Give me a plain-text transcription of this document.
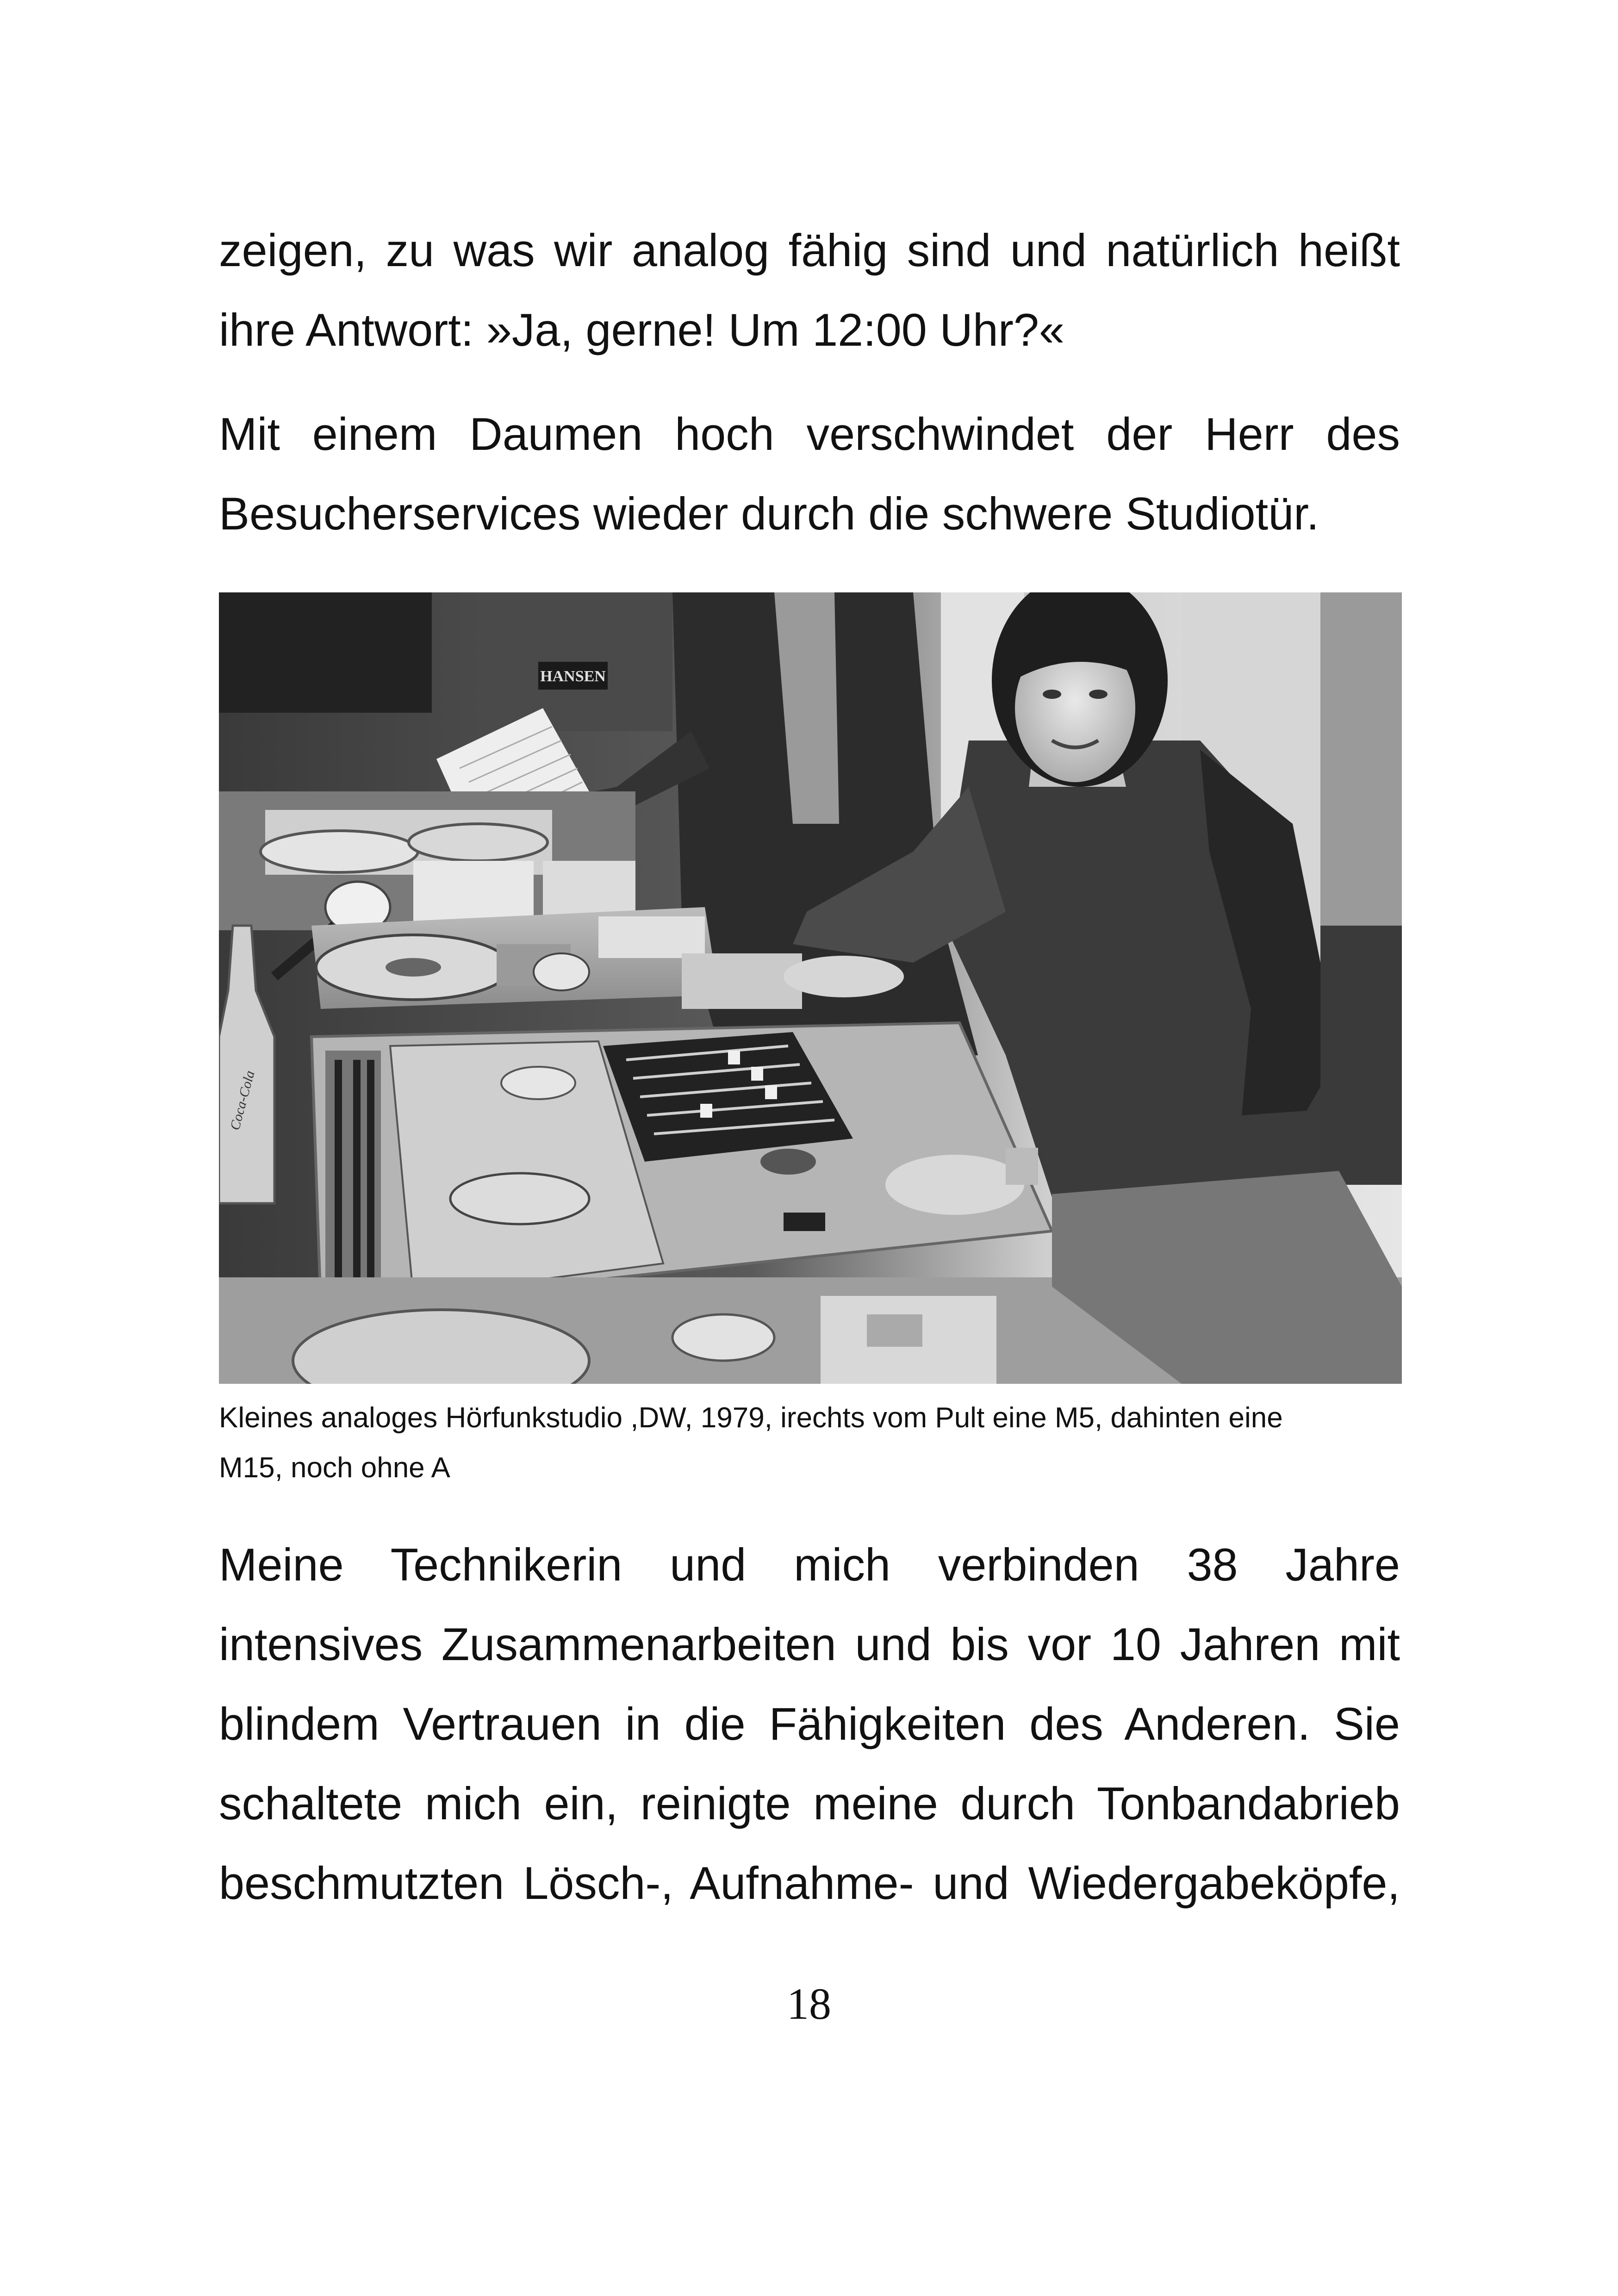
zeigen, zu was wir analog fähig sind und natürlich heißt
ihre Antwort: »Ja, gerne! Um 12:00 Uhr?«
Mit einem Daumen hoch verschwindet der Herr des
Besucherservices wieder durch die schwere Studiotür.
HANSEN
Coca-Cola
Kleines analoges Hörfunkstudio ,DW, 1979, irechts vom Pult eine M5, dahinten eine
M15, noch ohne A
Meine Technikerin und mich verbinden 38 Jahre
intensives Zusammenarbeiten und bis vor 10 Jahren mit
blindem Vertrauen in die Fähigkeiten des Anderen. Sie
schaltete mich ein, reinigte meine durch Tonbandabrieb
beschmutzten Lösch-, Aufnahme- und Wiedergabeköpfe,
18
